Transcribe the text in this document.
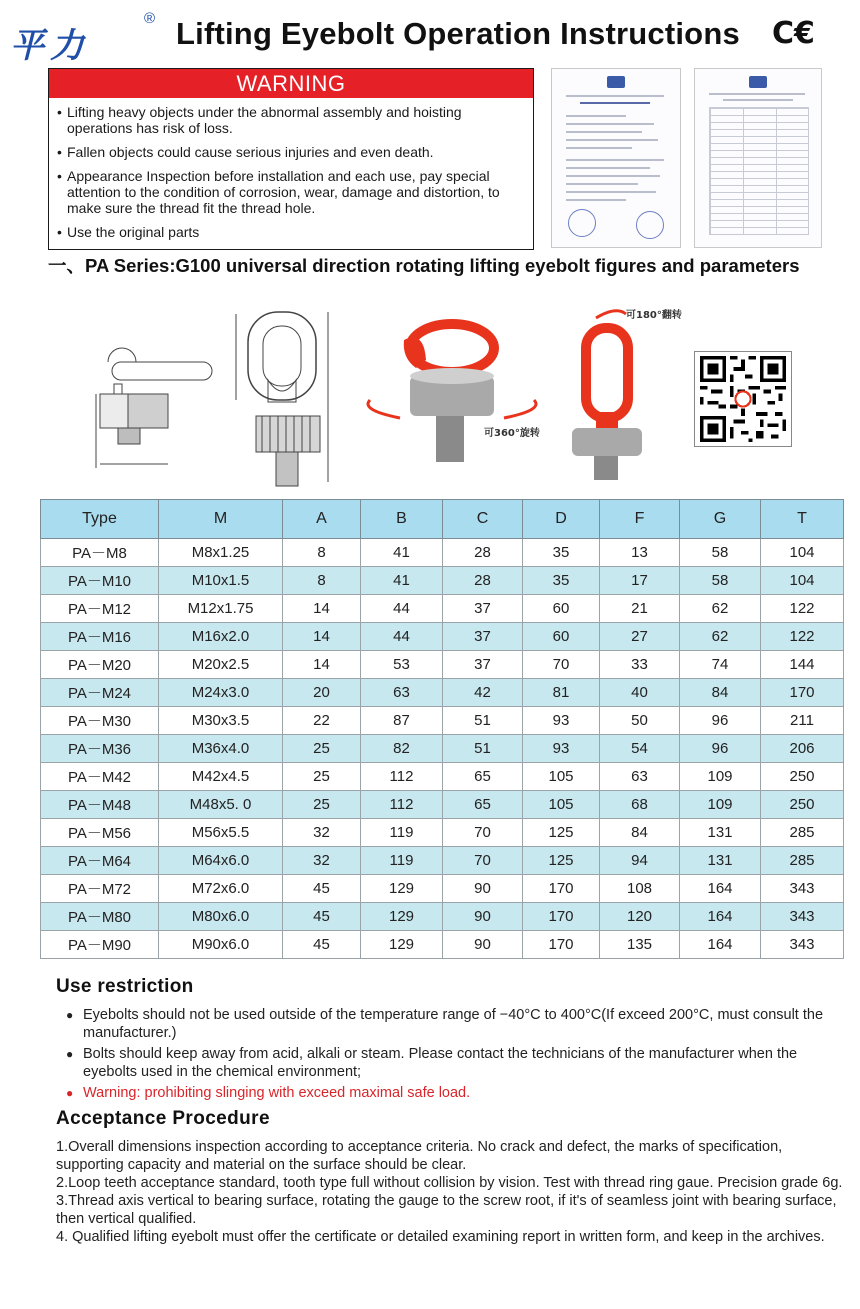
平力
® Lifting Eyebolt Operation Instructions C€
WARNING
• Lifting heavy objects under the abnormal assembly and hoisting operations has risk of loss.
• Fallen objects could cause serious injuries and even death.
• Appearance Inspection before installation and each use, pay special attention to the condition of corrosion, wear, damage and distortion, to make sure the thread fit the thread hole.
• Use the original parts
一、PA Series:G100 universal direction rotating lifting eyebolt figures and parameters
可180°翻转
可360°旋转
Type	M	A	B	C	D	F	G	T
PA－M8	M8x1.25	8	41	28	35	13	58	104
PA－M10	M10x1.5	8	41	28	35	17	58	104
PA－M12	M12x1.75	14	44	37	60	21	62	122
PA－M16	M16x2.0	14	44	37	60	27	62	122
PA－M20	M20x2.5	14	53	37	70	33	74	144
PA－M24	M24x3.0	20	63	42	81	40	84	170
PA－M30	M30x3.5	22	87	51	93	50	96	211
PA－M36	M36x4.0	25	82	51	93	54	96	206
PA－M42	M42x4.5	25	112	65	105	63	109	250
PA－M48	M48x5. 0	25	112	65	105	68	109	250
PA－M56	M56x5.5	32	119	70	125	84	131	285
PA－M64	M64x6.0	32	119	70	125	94	131	285
PA－M72	M72x6.0	45	129	90	170	108	164	343
PA－M80	M80x6.0	45	129	90	170	120	164	343
PA－M90	M90x6.0	45	129	90	170	135	164	343
Use restriction
● Eyebolts should not be used outside of the temperature range of −40°C to 400°C(If exceed 200°C, must consult the manufacturer.)
● Bolts should keep away from acid, alkali or steam. Please contact the technicians of the manufacturer when the eyebolts used in the chemical environment;
● Warning: prohibiting slinging with exceed maximal safe load.
Acceptance Procedure

1.Overall dimensions inspection according to acceptance criteria. No crack and defect, the marks of specification, supporting capacity and material on the surface should be clear.

2.Loop teeth acceptance standard, tooth type full without collision by vision. Test with thread ring gaue. Precision grade 6g.

3.Thread axis vertical to bearing surface, rotating the gauge to the screw root, if it's of seamless joint with bearing surface, then vertical qualified.

4. Qualified lifting eyebolt must offer the certificate or detailed examining report in written form, and keep in the archives.
